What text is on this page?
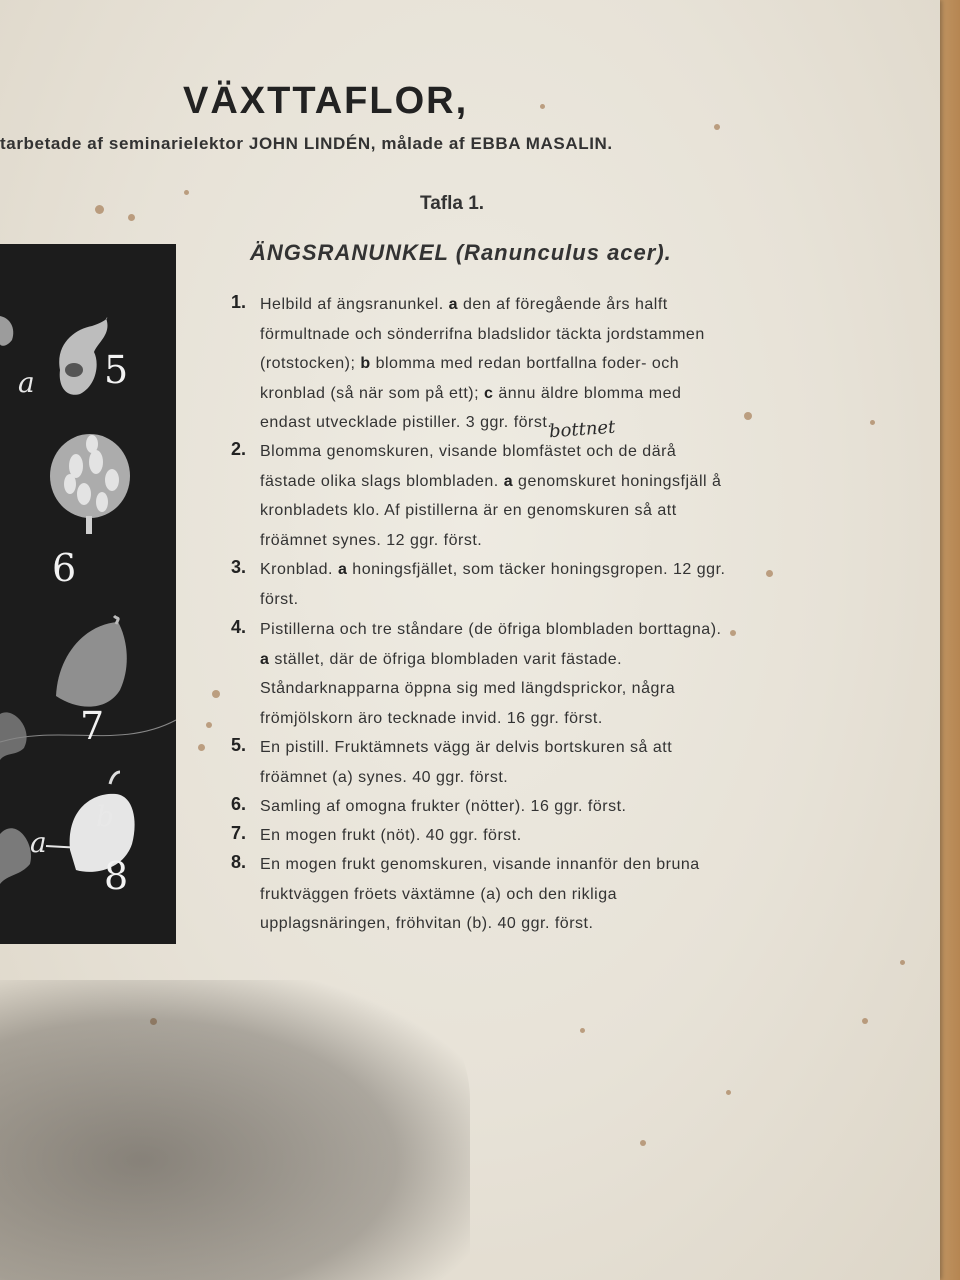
VÄXTTAFLOR,

tarbetade af seminarielektor JOHN LINDÉN, målade af EBBA MASALIN.

Tafla 1.

ÄNGSRANUNKEL (Ranunculus acer).
5
6
7
8
a
a
b
1. Helbild af ängsranunkel. a den af föregående års halft förmultnade och sönderrifna bladslidor täckta jordstammen (rotstocken); b blomma med redan bortfallna foder- och kronblad (så när som på ett); c ännu äldre blomma med endast utvecklade pistiller. 3 ggr. först.
2. Blomma genomskuren, visande blomfästet och de därå fästade olika slags blombladen. a genomskuret honingsfjäll å kronbladets klo. Af pistillerna är en genomskuren så att fröämnet synes. 12 ggr. först.
3. Kronblad. a honingsfjället, som täcker honingsgropen. 12 ggr. först.
4. Pistillerna och tre ståndare (de öfriga blombladen borttagna). a stället, där de öfriga blombladen varit fästade. Ståndarknapparna öppna sig med längdsprickor, några frömjölskorn äro tecknade invid. 16 ggr. först.
5. En pistill. Fruktämnets vägg är delvis bortskuren så att fröämnet (a) synes. 40 ggr. först.
6. Samling af omogna frukter (nötter). 16 ggr. först.
7. En mogen frukt (nöt). 40 ggr. först.
8. En mogen frukt genomskuren, visande innanför den bruna fruktväggen fröets växtämne (a) och den rikliga upplagsnäringen, fröhvitan (b). 40 ggr. först.
bottnet
